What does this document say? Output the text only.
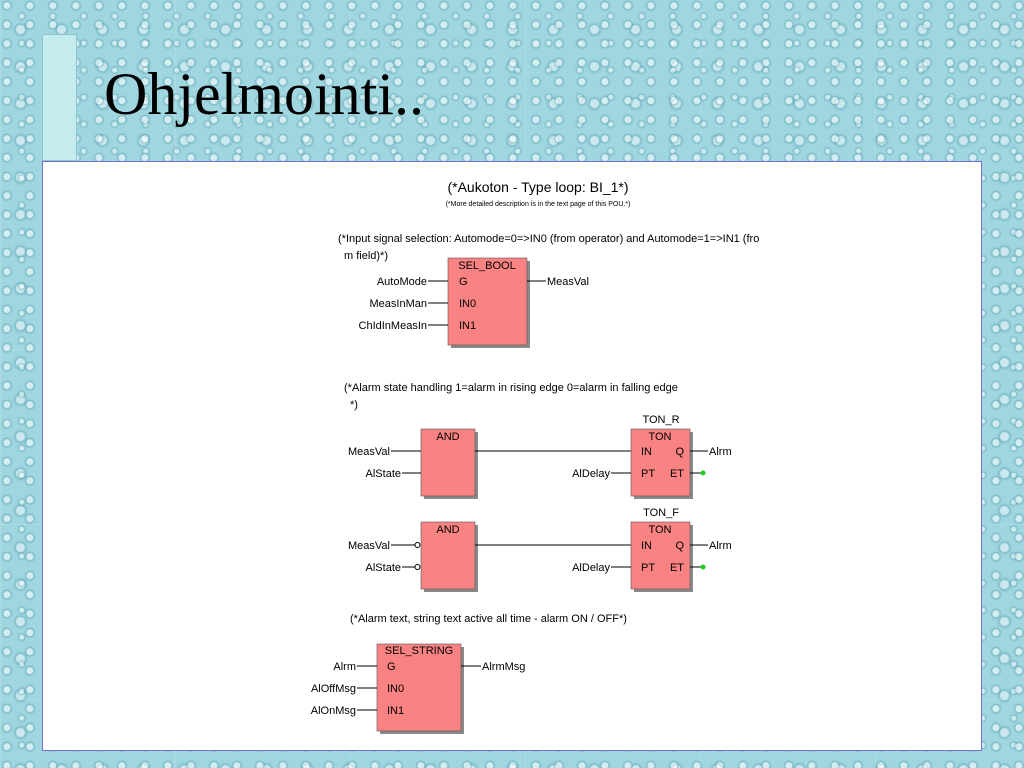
Ohjelmointi..
(*Aukoton - Type loop: BI_1*)
(*More detailed description is in the text page of this POU.*)
(*Input signal selection: Automode=0=>IN0 (from operator) and Automode=1=>IN1 (fro
m field)*)
SEL_BOOL
G
IN0
IN1
AutoMode
MeasInMan
ChIdInMeasIn
MeasVal
(*Alarm state handling 1=alarm in rising edge 0=alarm in falling edge
*)
AND
MeasVal
AlState
TON_R
TON
IN
PT
Q
ET
AlDelay
Alrm
AND
MeasVal
AlState
TON_F
TON
IN
PT
Q
ET
AlDelay
Alrm
(*Alarm text, string text active all time - alarm ON / OFF*)
SEL_STRING
G
IN0
IN1
Alrm
AlOffMsg
AlOnMsg
AlrmMsg
